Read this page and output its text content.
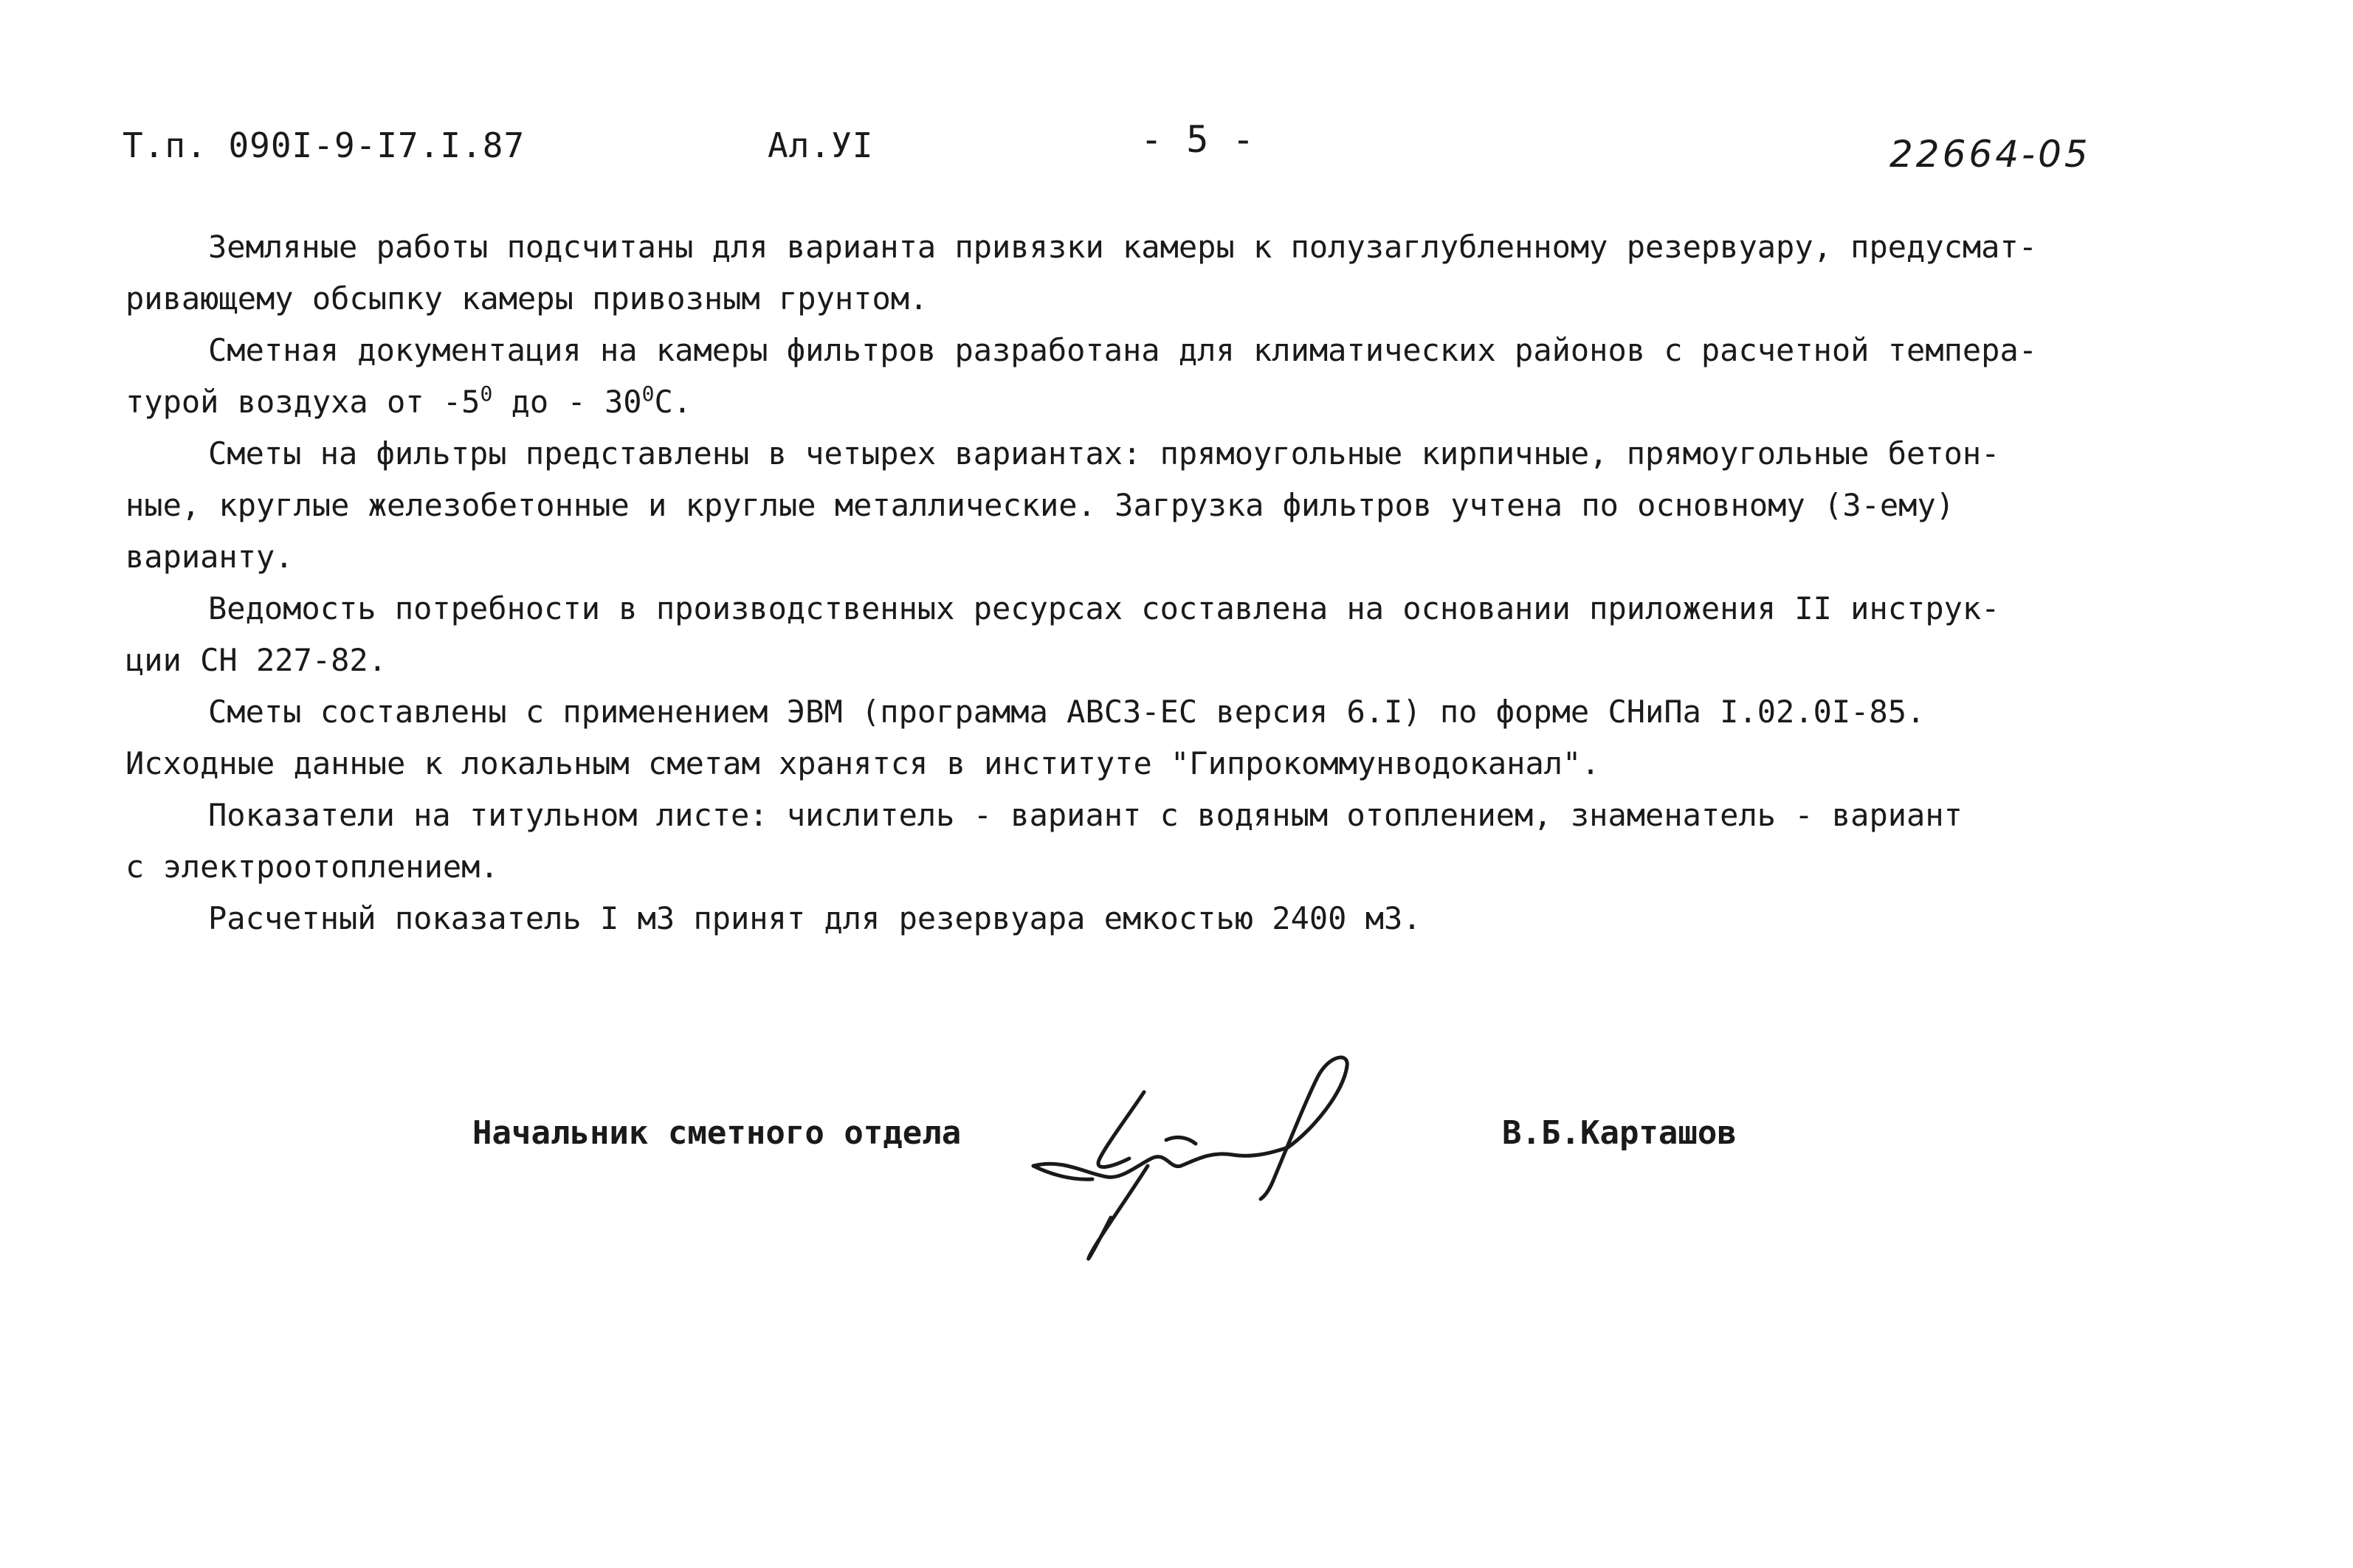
Т.п. 090I-9-I7.I.87	Ал.УI	- 5 -	22664-05
Земляные работы подсчитаны для варианта привязки камеры к полузаглубленному резервуару, предусмат-
ривающему обсыпку камеры привозным грунтом.
Сметная документация на камеры фильтров разработана для климатических районов с расчетной темпера-
турой воздуха от $-5^0$ до - $30^0С$.
Сметы на фильтры представлены в четырех вариантах: прямоугольные кирпичные, прямоугольные бетон-
ные, круглые железобетонные и круглые металлические. Загрузка фильтров учтена по основному (3-ему)
варианту.
Ведомость потребности в производственных ресурсах составлена на основании приложения II инструк-
ции СН 227-82.
Сметы составлены с применением ЭВМ (программа АВСЗ-ЕС версия 6.I) по форме СНиПа I.02.0I-85.
Исходные данные к локальным сметам хранятся в институте "Гипрокоммунводоканал".
Показатели на титульном листе: числитель - вариант с водяным отоплением, знаменатель - вариант
с электроотоплением.
Расчетный показатель I м3 принят для резервуара емкостью 2400 м3.
Начальник сметного отдела	В.Б.Карташов
